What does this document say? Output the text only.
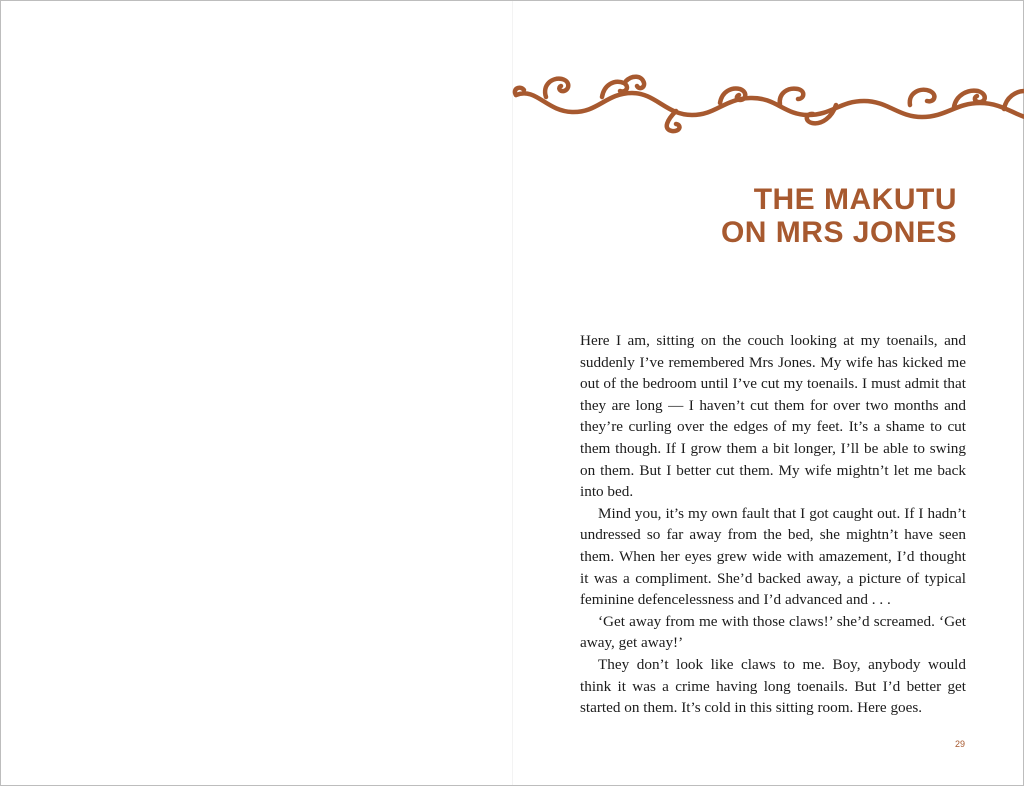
THE MAKUTU
ON MRS JONES

Here I am, sitting on the couch looking at my toenails, and suddenly I’ve remembered Mrs Jones. My wife has kicked me out of the bedroom until I’ve cut my toenails. I must admit that they are long — I haven’t cut them for over two months and they’re curling over the edges of my feet. It’s a shame to cut them though. If I grow them a bit longer, I’ll be able to swing on them. But I better cut them. My wife mightn’t let me back into bed.

Mind you, it’s my own fault that I got caught out. If I hadn’t undressed so far away from the bed, she mightn’t have seen them. When her eyes grew wide with amazement, I’d thought it was a compliment. She’d backed away, a picture of typical feminine defencelessness and I’d advanced and . . .

‘Get away from me with those claws!’ she’d screamed. ‘Get away, get away!’

They don’t look like claws to me. Boy, anybody would think it was a crime having long toenails. But I’d better get started on them. It’s cold in this sitting room. Here goes.

29
